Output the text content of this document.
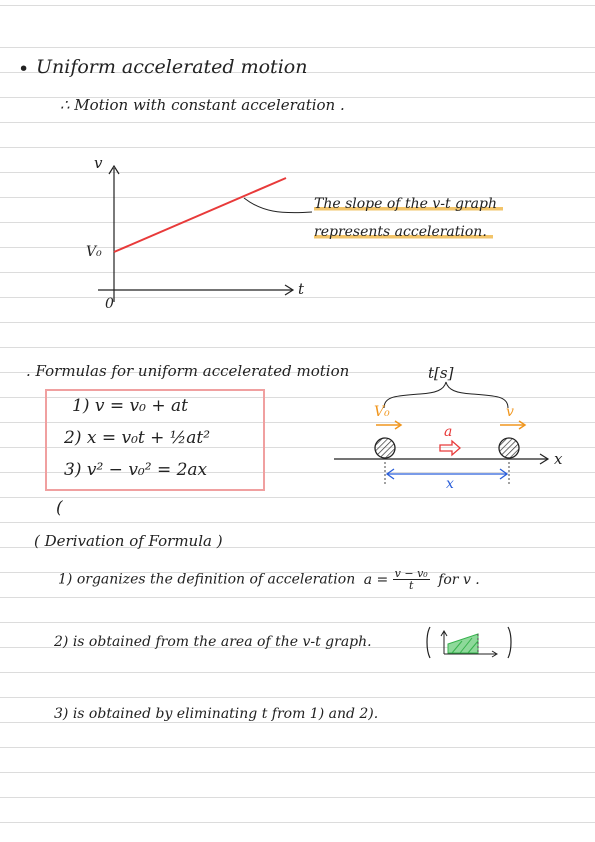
• Uniform accelerated motion
∴ Motion with constant acceleration .
v
t
V₀
0
The slope of the v-t graph
represents acceleration.
. Formulas for uniform accelerated motion
1) v = v₀ + at
2) x = v₀t + ½at²
3) v² − v₀² = 2ax
t[s]
V₀	v
a
x
x
(
( Derivation of Formula )
1) organizes the definition of acceleration $a = \frac{\text{v − v₀}}{t}$ for v .
2) is obtained from the area of the v-t graph.
3) is obtained by eliminating t from 1) and 2).
